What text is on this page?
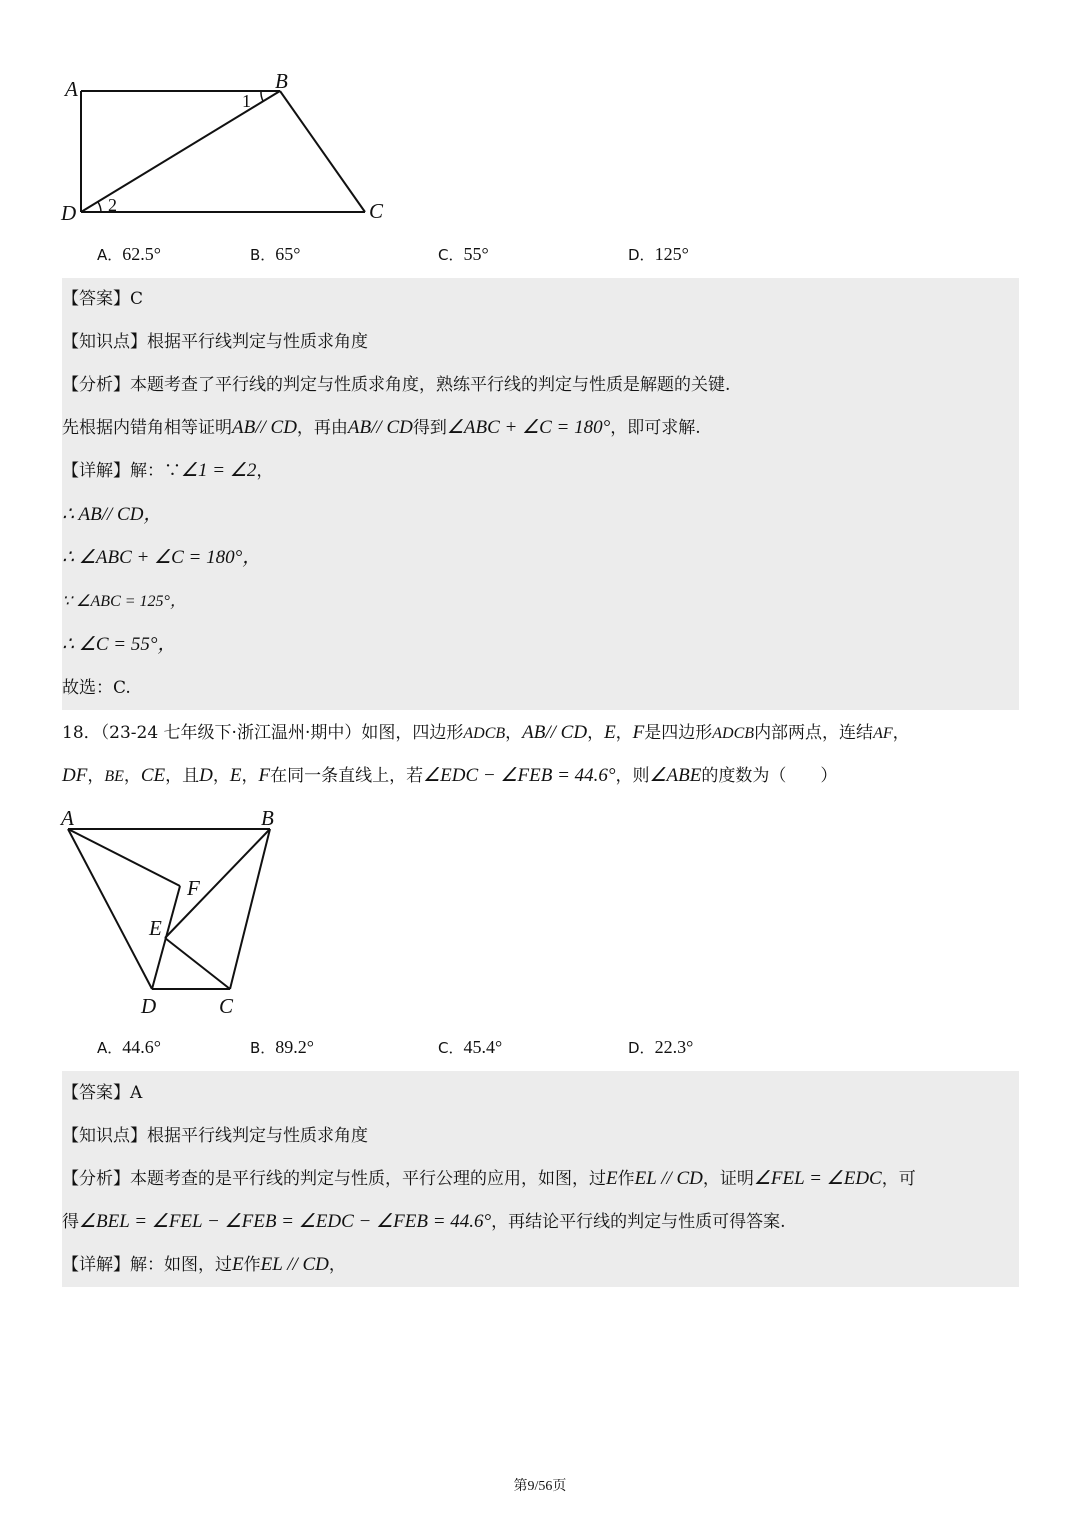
A	B
C
D
1
2
A．62.5°	B．65°	C．55°	D．125°
【答案】C
【知识点】根据平行线判定与性质求角度
【分析】本题考查了平行线的判定与性质求角度，熟练平行线的判定与性质是解题的关键.
先根据内错角相等证明AB// CD，再由AB// CD得到∠ABC + ∠C = 180°，即可求解.
【详解】解：∵∠1 = ∠2，
∴ AB// CD，
∴ ∠ABC + ∠C = 180°，
∵ ∠ABC = 125°，
∴ ∠C = 55°，
故选：C.
18．（23-24 七年级下·浙江温州·期中）如图，四边形ADCB，AB// CD，E，F是四边形ADCB内部两点，连结AF，
DF，BE，CE，且D，E，F在同一条直线上，若∠EDC − ∠FEB = 44.6°，则∠ABE的度数为（　　）
A	B
C
D
E
F
A．44.6°	B．89.2°	C．45.4°	D．22.3°
【答案】A
【知识点】根据平行线判定与性质求角度
【分析】本题考查的是平行线的判定与性质，平行公理的应用，如图，过E作EL // CD，证明∠FEL = ∠EDC，可
得∠BEL = ∠FEL − ∠FEB = ∠EDC − ∠FEB = 44.6°，再结论平行线的判定与性质可得答案.
【详解】解：如图，过E作EL // CD，
第9/56页
